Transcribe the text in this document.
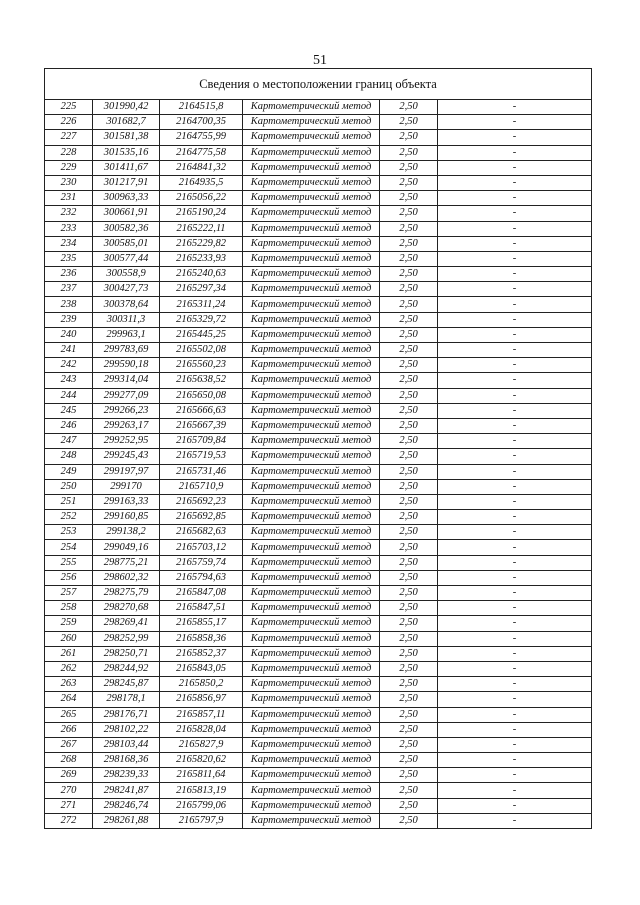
51
Сведения о местоположении границ объекта					
225	301990,42	2164515,8	Картометрический метод	2,50	-
226	301682,7	2164700,35	Картометрический метод	2,50	-
227	301581,38	2164755,99	Картометрический метод	2,50	-
228	301535,16	2164775,58	Картометрический метод	2,50	-
229	301411,67	2164841,32	Картометрический метод	2,50	-
230	301217,91	2164935,5	Картометрический метод	2,50	-
231	300963,33	2165056,22	Картометрический метод	2,50	-
232	300661,91	2165190,24	Картометрический метод	2,50	-
233	300582,36	2165222,11	Картометрический метод	2,50	-
234	300585,01	2165229,82	Картометрический метод	2,50	-
235	300577,44	2165233,93	Картометрический метод	2,50	-
236	300558,9	2165240,63	Картометрический метод	2,50	-
237	300427,73	2165297,34	Картометрический метод	2,50	-
238	300378,64	2165311,24	Картометрический метод	2,50	-
239	300311,3	2165329,72	Картометрический метод	2,50	-
240	299963,1	2165445,25	Картометрический метод	2,50	-
241	299783,69	2165502,08	Картометрический метод	2,50	-
242	299590,18	2165560,23	Картометрический метод	2,50	-
243	299314,04	2165638,52	Картометрический метод	2,50	-
244	299277,09	2165650,08	Картометрический метод	2,50	-
245	299266,23	2165666,63	Картометрический метод	2,50	-
246	299263,17	2165667,39	Картометрический метод	2,50	-
247	299252,95	2165709,84	Картометрический метод	2,50	-
248	299245,43	2165719,53	Картометрический метод	2,50	-
249	299197,97	2165731,46	Картометрический метод	2,50	-
250	299170	2165710,9	Картометрический метод	2,50	-
251	299163,33	2165692,23	Картометрический метод	2,50	-
252	299160,85	2165692,85	Картометрический метод	2,50	-
253	299138,2	2165682,63	Картометрический метод	2,50	-
254	299049,16	2165703,12	Картометрический метод	2,50	-
255	298775,21	2165759,74	Картометрический метод	2,50	-
256	298602,32	2165794,63	Картометрический метод	2,50	-
257	298275,79	2165847,08	Картометрический метод	2,50	-
258	298270,68	2165847,51	Картометрический метод	2,50	-
259	298269,41	2165855,17	Картометрический метод	2,50	-
260	298252,99	2165858,36	Картометрический метод	2,50	-
261	298250,71	2165852,37	Картометрический метод	2,50	-
262	298244,92	2165843,05	Картометрический метод	2,50	-
263	298245,87	2165850,2	Картометрический метод	2,50	-
264	298178,1	2165856,97	Картометрический метод	2,50	-
265	298176,71	2165857,11	Картометрический метод	2,50	-
266	298102,22	2165828,04	Картометрический метод	2,50	-
267	298103,44	2165827,9	Картометрический метод	2,50	-
268	298168,36	2165820,62	Картометрический метод	2,50	-
269	298239,33	2165811,64	Картометрический метод	2,50	-
270	298241,87	2165813,19	Картометрический метод	2,50	-
271	298246,74	2165799,06	Картометрический метод	2,50	-
272	298261,88	2165797,9	Картометрический метод	2,50	-
